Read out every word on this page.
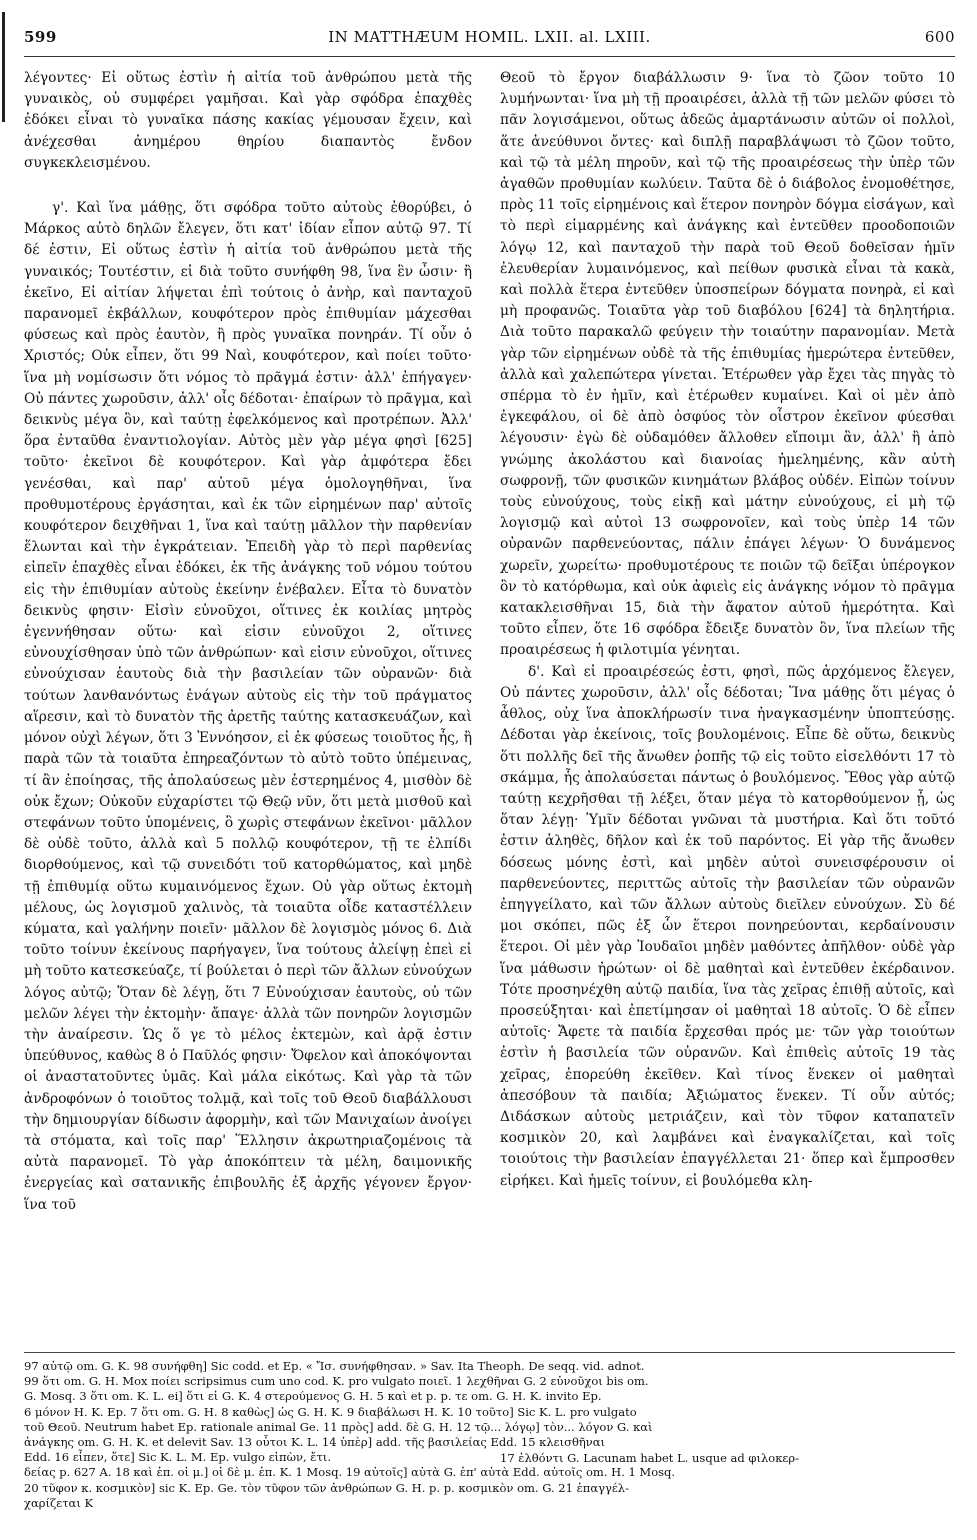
599	IN MATTHÆUM HOMIL. LXII. al. LXIII.	600

λέγοντες· Εἰ οὕτως ἐστὶν ἡ αἰτία τοῦ ἀνθρώπου μετὰ τῆς γυναικὸς, οὐ συμφέρει γαμῆσαι. Καὶ γὰρ σφόδρα ἐπαχθὲς ἐδόκει εἶναι τὸ γυναῖκα πάσης κακίας γέμουσαν ἔχειν, καὶ ἀνέχεσθαι ἀνημέρου θηρίου διαπαντὸς ἔνδον συγκεκλεισμένου.

γ'. Καὶ ἵνα μάθῃς, ὅτι σφόδρα τοῦτο αὐτοὺς ἐθορύβει, ὁ Μάρκος αὐτὸ δηλῶν ἔλεγεν, ὅτι κατ' ἰδίαν εἶπον αὐτῷ 97. Τί δέ ἐστιν, Εἰ οὕτως ἐστὶν ἡ αἰτία τοῦ ἀνθρώπου μετὰ τῆς γυναικός; Τουτέστιν, εἰ διὰ τοῦτο συνήφθη 98, ἵνα ἓν ὦσιν· ἢ ἐκεῖνο, Εἰ αἰτίαν λήψεται ἐπὶ τούτοις ὁ ἀνὴρ, καὶ πανταχοῦ παρανομεῖ ἐκβάλλων, κουφότερον πρὸς ἐπιθυμίαν μάχεσθαι φύσεως καὶ πρὸς ἑαυτὸν, ἢ πρὸς γυναῖκα πονηράν. Τί οὖν ὁ Χριστός; Οὐκ εἶπεν, ὅτι 99 Ναὶ, κουφότερον, καὶ ποίει τοῦτο· ἵνα μὴ νομίσωσιν ὅτι νόμος τὸ πρᾶγμά ἐστιν· ἀλλ' ἐπήγαγεν· Οὐ πάντες χωροῦσιν, ἀλλ' οἷς δέδοται· ἐπαίρων τὸ πρᾶγμα, καὶ δεικνὺς μέγα ὂν, καὶ ταύτῃ ἐφελκόμενος καὶ προτρέπων. Ἀλλ' ὅρα ἐνταῦθα ἐναντιολογίαν. Αὐτὸς μὲν γὰρ μέγα φησὶ [625] τοῦτο· ἐκεῖνοι δὲ κουφότερον. Καὶ γὰρ ἀμφότερα ἔδει γενέσθαι, καὶ παρ' αὐτοῦ μέγα ὁμολογηθῆναι, ἵνα προθυμοτέρους ἐργάσηται, καὶ ἐκ τῶν εἰρημένων παρ' αὐτοῖς κουφότερον δειχθῆναι 1, ἵνα καὶ ταύτῃ μᾶλλον τὴν παρθενίαν ἕλωνται καὶ τὴν ἐγκράτειαν. Ἐπειδὴ γὰρ τὸ περὶ παρθενίας εἰπεῖν ἐπαχθὲς εἶναι ἐδόκει, ἐκ τῆς ἀνάγκης τοῦ νόμου τούτου εἰς τὴν ἐπιθυμίαν αὐτοὺς ἐκείνην ἐνέβαλεν. Εἶτα τὸ δυνατὸν δεικνὺς φησιν· Εἰσὶν εὐνοῦχοι, οἵτινες ἐκ κοιλίας μητρὸς ἐγεννήθησαν οὕτω· καὶ εἰσιν εὐνοῦχοι 2, οἵτινες εὐνουχίσθησαν ὑπὸ τῶν ἀνθρώπων· καὶ εἰσιν εὐνοῦχοι, οἵτινες εὐνούχισαν ἑαυτοὺς διὰ τὴν βασιλείαν τῶν οὐρανῶν· διὰ τούτων λανθανόντως ἐνάγων αὐτοὺς εἰς τὴν τοῦ πράγματος αἵρεσιν, καὶ τὸ δυνατὸν τῆς ἀρετῆς ταύτης κατασκευάζων, καὶ μόνον οὐχὶ λέγων, ὅτι 3 Ἐννόησον, εἰ ἐκ φύσεως τοιοῦτος ἦς, ἢ παρὰ τῶν τὰ τοιαῦτα ἐπηρεαζόντων τὸ αὐτὸ τοῦτο ὑπέμεινας, τί ἂν ἐποίησας, τῆς ἀπολαύσεως μὲν ἐστερημένος 4, μισθὸν δὲ οὐκ ἔχων; Οὐκοῦν εὐχαρίστει τῷ Θεῷ νῦν, ὅτι μετὰ μισθοῦ καὶ στεφάνων τοῦτο ὑπομένεις, ὃ χωρὶς στεφάνων ἐκεῖνοι· μᾶλλον δὲ οὐδὲ τοῦτο, ἀλλὰ καὶ 5 πολλῷ κουφότερον, τῇ τε ἐλπίδι διορθούμενος, καὶ τῷ συνειδότι τοῦ κατορθώματος, καὶ μηδὲ τῇ ἐπιθυμίᾳ οὕτω κυμαινόμενος ἔχων. Οὐ γὰρ οὕτως ἐκτομὴ μέλους, ὡς λογισμοῦ χαλινὸς, τὰ τοιαῦτα οἶδε καταστέλλειν κύματα, καὶ γαλήνην ποιεῖν· μᾶλλον δὲ λογισμὸς μόνος 6. Διὰ τοῦτο τοίνυν ἐκείνους παρήγαγεν, ἵνα τούτους ἀλείψῃ ἐπεὶ εἰ μὴ τοῦτο κατεσκεύαζε, τί βούλεται ὁ περὶ τῶν ἄλλων εὐνούχων λόγος αὐτῷ; Ὅταν δὲ λέγῃ, ὅτι 7 Εὐνούχισαν ἑαυτοὺς, οὐ τῶν μελῶν λέγει τὴν ἐκτομὴν· ἄπαγε· ἀλλὰ τῶν πονηρῶν λογισμῶν τὴν ἀναίρεσιν. Ὡς ὅ γε τὸ μέλος ἐκτεμὼν, καὶ ἀρᾷ ἐστιν ὑπεύθυνος, καθὼς 8 ὁ Παῦλός φησιν· Ὄφελον καὶ ἀποκόψονται οἱ ἀναστατοῦντες ὑμᾶς. Καὶ μάλα εἰκότως. Καὶ γὰρ τὰ τῶν ἀνδροφόνων ὁ τοιοῦτος τολμᾷ, καὶ τοῖς τοῦ Θεοῦ διαβάλλουσι τὴν δημιουργίαν δίδωσιν ἀφορμὴν, καὶ τῶν Μανιχαίων ἀνοίγει τὰ στόματα, καὶ τοῖς παρ' Ἕλλησιν ἀκρωτηριαζομένοις τὰ αὐτὰ παρανομεῖ. Τὸ γὰρ ἀποκόπτειν τὰ μέλη, δαιμονικῆς ἐνεργείας καὶ σατανικῆς ἐπιβουλῆς ἐξ ἀρχῆς γέγονεν ἔργον· ἵνα τοῦ

Θεοῦ τὸ ἔργον διαβάλλωσιν 9· ἵνα τὸ ζῶον τοῦτο 10 λυμήνωνται· ἵνα μὴ τῇ προαιρέσει, ἀλλὰ τῇ τῶν μελῶν φύσει τὸ πᾶν λογισάμενοι, οὕτως ἀδεῶς ἁμαρτάνωσιν αὐτῶν οἱ πολλοὶ, ἅτε ἀνεύθυνοι ὄντες· καὶ διπλῇ παραβλάψωσι τὸ ζῶον τοῦτο, καὶ τῷ τὰ μέλη πηροῦν, καὶ τῷ τῆς προαιρέσεως τὴν ὑπὲρ τῶν ἀγαθῶν προθυμίαν κωλύειν. Ταῦτα δὲ ὁ διάβολος ἐνομοθέτησε, πρὸς 11 τοῖς εἰρημένοις καὶ ἕτερον πονηρὸν δόγμα εἰσάγων, καὶ τὸ περὶ εἱμαρμένης καὶ ἀνάγκης καὶ ἐντεῦθεν προοδοποιῶν λόγῳ 12, καὶ πανταχοῦ τὴν παρὰ τοῦ Θεοῦ δοθεῖσαν ἡμῖν ἐλευθερίαν λυμαινόμενος, καὶ πείθων φυσικὰ εἶναι τὰ κακὰ, καὶ πολλὰ ἕτερα ἐντεῦθεν ὑποσπείρων δόγματα πονηρὰ, εἰ καὶ μὴ προφανῶς. Τοιαῦτα γὰρ τοῦ διαβόλου [624] τὰ δηλητήρια. Διὰ τοῦτο παρακαλῶ φεύγειν τὴν τοιαύτην παρανομίαν. Μετὰ γὰρ τῶν εἰρημένων οὐδὲ τὰ τῆς ἐπιθυμίας ἡμερώτερα ἐντεῦθεν, ἀλλὰ καὶ χαλεπώτερα γίνεται. Ἑτέρωθεν γὰρ ἔχει τὰς πηγὰς τὸ σπέρμα τὸ ἐν ἡμῖν, καὶ ἑτέρωθεν κυμαίνει. Καὶ οἱ μὲν ἀπὸ ἐγκεφάλου, οἱ δὲ ἀπὸ ὀσφύος τὸν οἶστρον ἐκεῖνον φύεσθαι λέγουσιν· ἐγὼ δὲ οὐδαμόθεν ἄλλοθεν εἴποιμι ἂν, ἀλλ' ἢ ἀπὸ γνώμης ἀκολάστου καὶ διανοίας ἠμελημένης, κἂν αὐτὴ σωφρονῇ, τῶν φυσικῶν κινημάτων βλάβος οὐδέν. Εἰπὼν τοίνυν τοὺς εὐνούχους, τοὺς εἰκῇ καὶ μάτην εὐνούχους, εἰ μὴ τῷ λογισμῷ καὶ αὐτοὶ 13 σωφρονοῖεν, καὶ τοὺς ὑπὲρ 14 τῶν οὐρανῶν παρθενεύοντας, πάλιν ἐπάγει λέγων· Ὁ δυνάμενος χωρεῖν, χωρείτω· προθυμοτέρους τε ποιῶν τῷ δεῖξαι ὑπέρογκον ὂν τὸ κατόρθωμα, καὶ οὐκ ἀφιεὶς εἰς ἀνάγκης νόμον τὸ πρᾶγμα κατακλεισθῆναι 15, διὰ τὴν ἄφατον αὐτοῦ ἡμερότητα. Καὶ τοῦτο εἶπεν, ὅτε 16 σφόδρα ἔδειξε δυνατὸν ὂν, ἵνα πλείων τῆς προαιρέσεως ἡ φιλοτιμία γένηται.

δ'. Καὶ εἰ προαιρέσεώς ἐστι, φησὶ, πῶς ἀρχόμενος ἔλεγεν, Οὐ πάντες χωροῦσιν, ἀλλ' οἷς δέδοται; Ἵνα μάθῃς ὅτι μέγας ὁ ἆθλος, οὐχ ἵνα ἀποκλήρωσίν τινα ἠναγκασμένην ὑποπτεύσῃς. Δέδοται γὰρ ἐκείνοις, τοῖς βουλομένοις. Εἶπε δὲ οὕτω, δεικνὺς ὅτι πολλῆς δεῖ τῆς ἄνωθεν ῥοπῆς τῷ εἰς τοῦτο εἰσελθόντι 17 τὸ σκάμμα, ἧς ἀπολαύσεται πάντως ὁ βουλόμενος. Ἔθος γὰρ αὐτῷ ταύτῃ κεχρῆσθαι τῇ λέξει, ὅταν μέγα τὸ κατορθούμενον ᾖ, ὡς ὅταν λέγῃ· Ὑμῖν δέδοται γνῶναι τὰ μυστήρια. Καὶ ὅτι τοῦτό ἐστιν ἀληθὲς, δῆλον καὶ ἐκ τοῦ παρόντος. Εἰ γὰρ τῆς ἄνωθεν δόσεως μόνης ἐστὶ, καὶ μηδὲν αὐτοὶ συνεισφέρουσιν οἱ παρθενεύοντες, περιττῶς αὐτοῖς τὴν βασιλείαν τῶν οὐρανῶν ἐπηγγείλατο, καὶ τῶν ἄλλων αὐτοὺς διεῖλεν εὐνούχων. Σὺ δέ μοι σκόπει, πῶς ἐξ ὧν ἕτεροι πονηρεύονται, κερδαίνουσιν ἕτεροι. Οἱ μὲν γὰρ Ἰουδαῖοι μηδὲν μαθόντες ἀπῆλθον· οὐδὲ γὰρ ἵνα μάθωσιν ἠρώτων· οἱ δὲ μαθηταὶ καὶ ἐντεῦθεν ἐκέρδαινον. Τότε προσηνέχθη αὐτῷ παιδία, ἵνα τὰς χεῖρας ἐπιθῇ αὐτοῖς, καὶ προσεύξηται· καὶ ἐπετίμησαν οἱ μαθηταὶ 18 αὐτοῖς. Ὁ δὲ εἶπεν αὐτοῖς· Ἄφετε τὰ παιδία ἔρχεσθαι πρός με· τῶν γὰρ τοιούτων ἐστὶν ἡ βασιλεία τῶν οὐρανῶν. Καὶ ἐπιθεὶς αὐτοῖς 19 τὰς χεῖρας, ἐπορεύθη ἐκεῖθεν. Καὶ τίνος ἕνεκεν οἱ μαθηταὶ ἀπεσόβουν τὰ παιδία; Ἀξιώματος ἕνεκεν. Τί οὖν αὐτός; Διδάσκων αὐτοὺς μετριάζειν, καὶ τὸν τῦφον καταπατεῖν κοσμικὸν 20, καὶ λαμβάνει καὶ ἐναγκαλίζεται, καὶ τοῖς τοιούτοις τὴν βασιλείαν ἐπαγγέλλεται 21· ὅπερ καὶ ἔμπροσθεν εἰρήκει. Καὶ ἡμεῖς τοίνυν, εἰ βουλόμεθα κλη-

97 αὐτῷ om. G. K. 98 συνήφθη] Sic codd. et Ep. « Ἴσ. συνήφθησαν. » Sav. Ita Theoph. De seqq. vid. adnot.
99 ὅτι om. G. H. Mox ποίει scripsimus cum uno cod. K. pro vulgato ποιεῖ. 1 λεχθῆναι G. 2 εὐνοῦχοι bis om.
G. Mosq. 3 ὅτι om. K. L. ei] ὅτι εἰ G. K. 4 στερούμενος G. H. 5 καὶ et p. p. τε om. G. H. K. invito Ep.
6 μόνον H. K. Ep. 7 ὅτι om. G. H. 8 καθὼς] ὡς G. H. K. 9 διαβάλωσι H. K. 10 τοῦτο] Sic K. L. pro vulgato
τοῦ Θεοῦ. Neutrum habet Ep. rationale animal Ge. 11 πρὸς] add. δὲ G. H. 12 τῷ... λόγῳ] τὸν... λόγον G. καὶ
ἀνάγκης om. G. H. K. et delevit Sav. 13 οὗτοι K. L. 14 ὑπὲρ] add. τῆς βασιλείας Edd. 15 κλεισθῆναι
Edd. 16 εἶπεν, ὅτε] Sic K. L. M. Ep. vulgo εἰπὼν, ἔτι.
δείας p. 627 A. 18 καὶ ἐπ. οἱ μ.] οἱ δὲ μ. ἐπ. K. 1 Mosq. 19 αὐτοῖς] αὐτὰ G. ἐπ' αὐτὰ Edd. αὐτοῖς om. H. 1 Mosq.
20 τῦφον κ. κοσμικὸν] sic K. Ep. Ge. τὸν τῦφον τῶν ἀνθρώπων G. H. p. p. κοσμικὸν om. G. 21 ἐπαγγέλ-
χαρίζεται K
17 ἐλθόντι G. Lacunam habet L. usque ad φιλοκερ-
